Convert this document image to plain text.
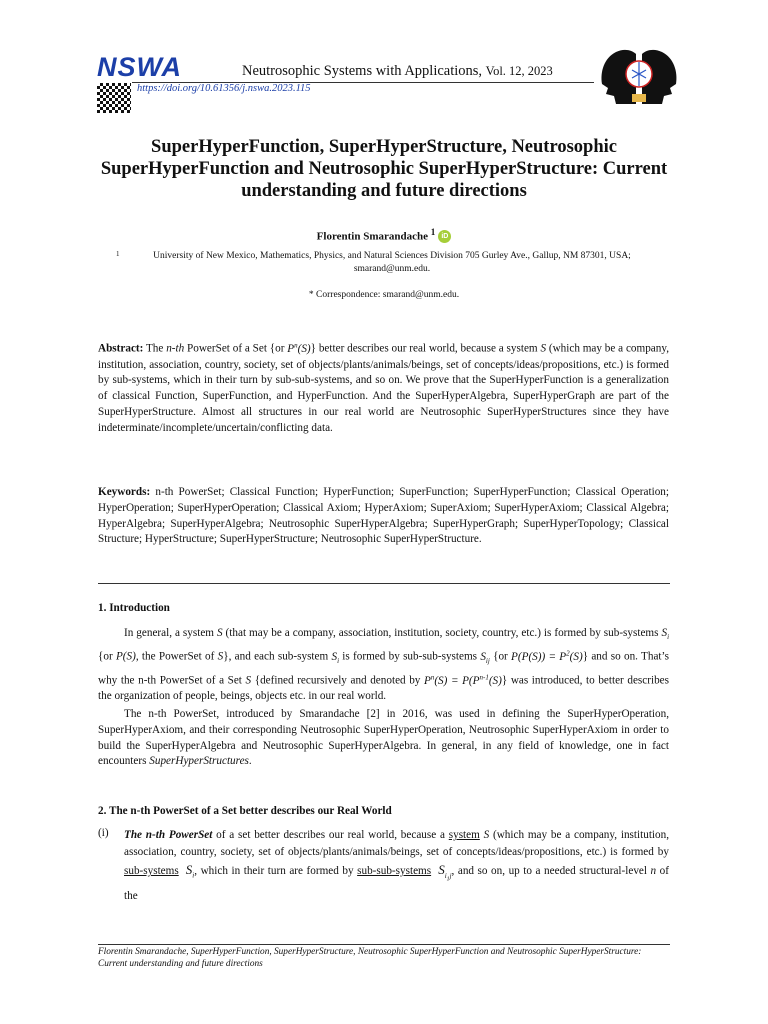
NSWA	Neutrosophic Systems with Applications, Vol. 12, 2023
https://doi.org/10.61356/j.nswa.2023.115
SuperHyperFunction, SuperHyperStructure, Neutrosophic SuperHyperFunction and Neutrosophic SuperHyperStructure: Current understanding and future directions
Florentin Smarandache $^1$ iD
1	University of New Mexico, Mathematics, Physics, and Natural Sciences Division 705 Gurley Ave., Gallup, NM 87301, USA; smarand@unm.edu.
* Correspondence: smarand@unm.edu.
Abstract: The n-th PowerSet of a Set {or $P^n(S)$} better describes our real world, because a system S (which may be a company, institution, association, country, society, set of objects/plants/animals/beings, set of concepts/ideas/propositions, etc.) is formed by sub-systems, which in their turn by sub-sub-systems, and so on. We prove that the SuperHyperFunction is a generalization of classical Function, SuperFunction, and HyperFunction. And the SuperHyperAlgebra, SuperHyperGraph are part of the SuperHyperStructure. Almost all structures in our real world are Neutrosophic SuperHyperStructures since they have indeterminate/incomplete/uncertain/conflicting data.
Keywords: n-th PowerSet; Classical Function; HyperFunction; SuperFunction; SuperHyperFunction; Classical Operation; HyperOperation; SuperHyperOperation; Classical Axiom; HyperAxiom; SuperAxiom; SuperHyperAxiom; Classical Algebra; HyperAlgebra; SuperHyperAlgebra; Neutrosophic SuperHyperAlgebra; SuperHyperGraph; SuperHyperTopology; Classical Structure; HyperStructure; SuperHyperStructure; Neutrosophic SuperHyperStructure.
1. Introduction
In general, a system S (that may be a company, association, institution, society, country, etc.) is formed by sub-systems $S_i$ {or P(S), the PowerSet of S}, and each sub-system $S_i$ is formed by sub-sub-systems $S_{ij}$ {or $P(P(S)) = P^2(S)$} and so on. That’s why the n-th PowerSet of a Set S {defined recursively and denoted by $P^n(S) = P(P^{n-1}(S)\}$ was introduced, to better describes the organization of people, beings, objects etc. in our real world.
The n-th PowerSet, introduced by Smarandache [2] in 2016, was used in defining the SuperHyperOperation, SuperHyperAxiom, and their corresponding Neutrosophic SuperHyperOperation, Neutrosophic SuperHyperAxiom in order to build the SuperHyperAlgebra and Neutrosophic SuperHyperAlgebra. In general, in any field of knowledge, one in fact encounters SuperHyperStructures.
2. The n-th PowerSet of a Set better describes our Real World
(i) The n-th PowerSet of a set better describes our real world, because a system S (which may be a company, institution, association, country, society, set of objects/plants/animals/beings, set of concepts/ideas/propositions, etc.) is formed by sub-systems $S_i$, which in their turn are formed by sub-sub-systems $S_{i_1j}$, and so on, up to a needed structural-level n of the
Florentin Smarandache, SuperHyperFunction, SuperHyperStructure, Neutrosophic SuperHyperFunction and Neutrosophic SuperHyperStructure: Current understanding and future directions
